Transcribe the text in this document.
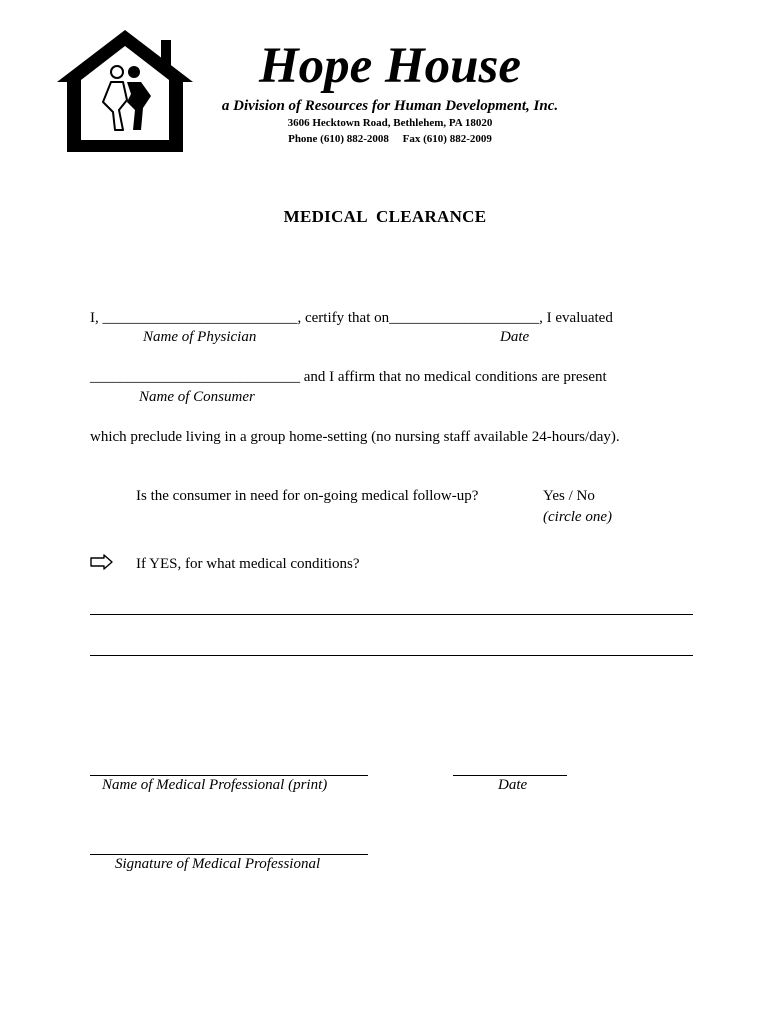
Hope House
a Division of Resources for Human Development, Inc.
3606 Hecktown Road, Bethlehem, PA 18020
Phone (610) 882-2008     Fax (610) 882-2009
MEDICAL  CLEARANCE
I, __________________________, certify that on____________________, I evaluated
Name of Physician	Date
____________________________ and I affirm that no medical conditions are present
Name of Consumer
which preclude living in a group home-setting (no nursing staff available 24-hours/day).
Is the consumer in need for on-going medical follow-up?	Yes / No
(circle one)
If YES, for what medical conditions?
Name of Medical Professional (print)	Date
Signature of Medical Professional
